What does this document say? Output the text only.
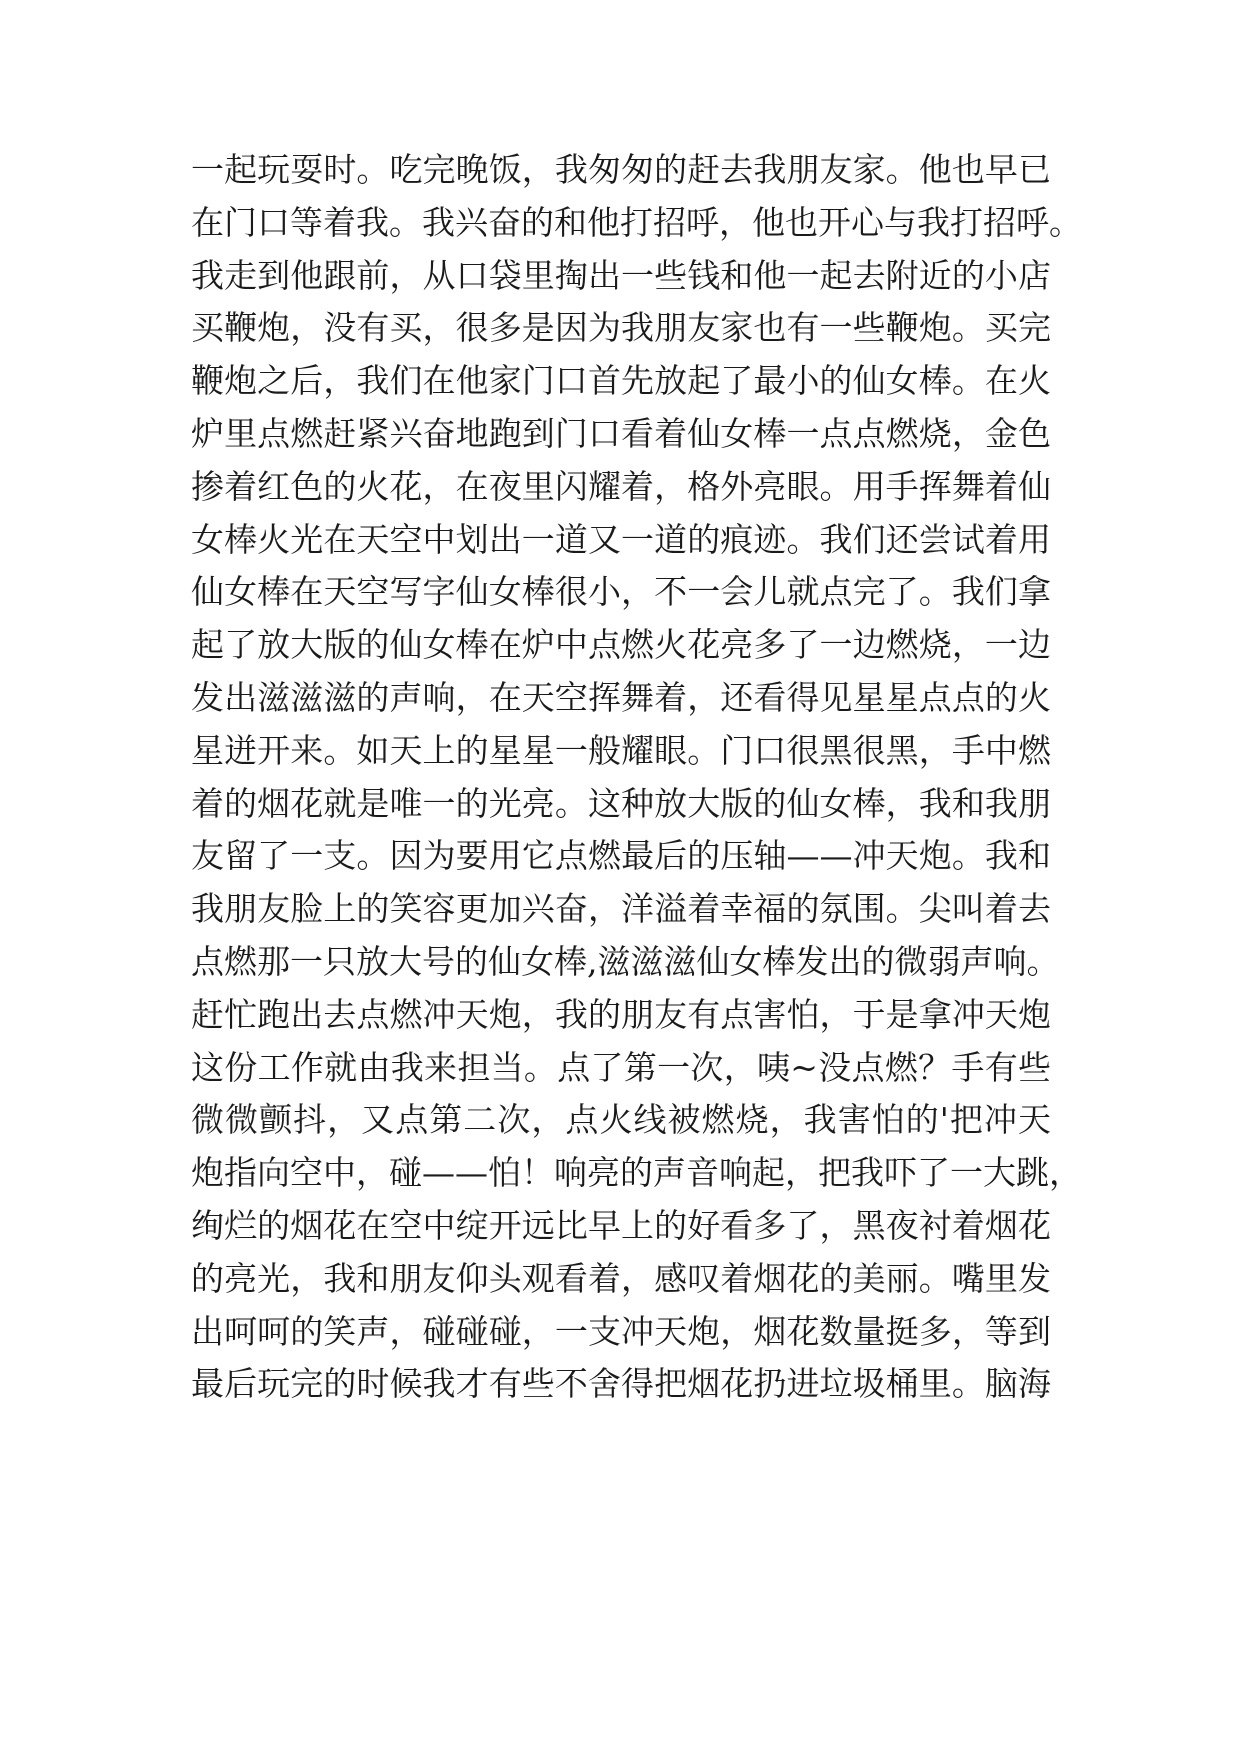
一起玩耍时。吃完晚饭，我匆匆的赶去我朋友家。他也早已
在门口等着我。我兴奋的和他打招呼，他也开心与我打招呼。
我走到他跟前，从口袋里掏出一些钱和他一起去附近的小店
买鞭炮，没有买，很多是因为我朋友家也有一些鞭炮。买完
鞭炮之后，我们在他家门口首先放起了最小的仙女棒。在火
炉里点燃赶紧兴奋地跑到门口看着仙女棒一点点燃烧，金色
掺着红色的火花，在夜里闪耀着，格外亮眼。用手挥舞着仙
女棒火光在天空中划出一道又一道的痕迹。我们还尝试着用
仙女棒在天空写字仙女棒很小，不一会儿就点完了。我们拿
起了放大版的仙女棒在炉中点燃火花亮多了一边燃烧，一边
发出滋滋滋的声响，在天空挥舞着，还看得见星星点点的火
星迸开来。如天上的星星一般耀眼。门口很黑很黑，手中燃
着的烟花就是唯一的光亮。这种放大版的仙女棒，我和我朋
友留了一支。因为要用它点燃最后的压轴——冲天炮。我和
我朋友脸上的笑容更加兴奋，洋溢着幸福的氛围。尖叫着去
点燃那一只放大号的仙女棒,滋滋滋仙女棒发出的微弱声响。
赶忙跑出去点燃冲天炮，我的朋友有点害怕，于是拿冲天炮
这份工作就由我来担当。点了第一次，咦~没点燃？手有些
微微颤抖，又点第二次，点火线被燃烧，我害怕的'把冲天
炮指向空中，碰——怕！响亮的声音响起，把我吓了一大跳，
绚烂的烟花在空中绽开远比早上的好看多了，黑夜衬着烟花
的亮光，我和朋友仰头观看着，感叹着烟花的美丽。嘴里发
出呵呵的笑声，碰碰碰，一支冲天炮，烟花数量挺多，等到
最后玩完的时候我才有些不舍得把烟花扔进垃圾桶里。脑海
